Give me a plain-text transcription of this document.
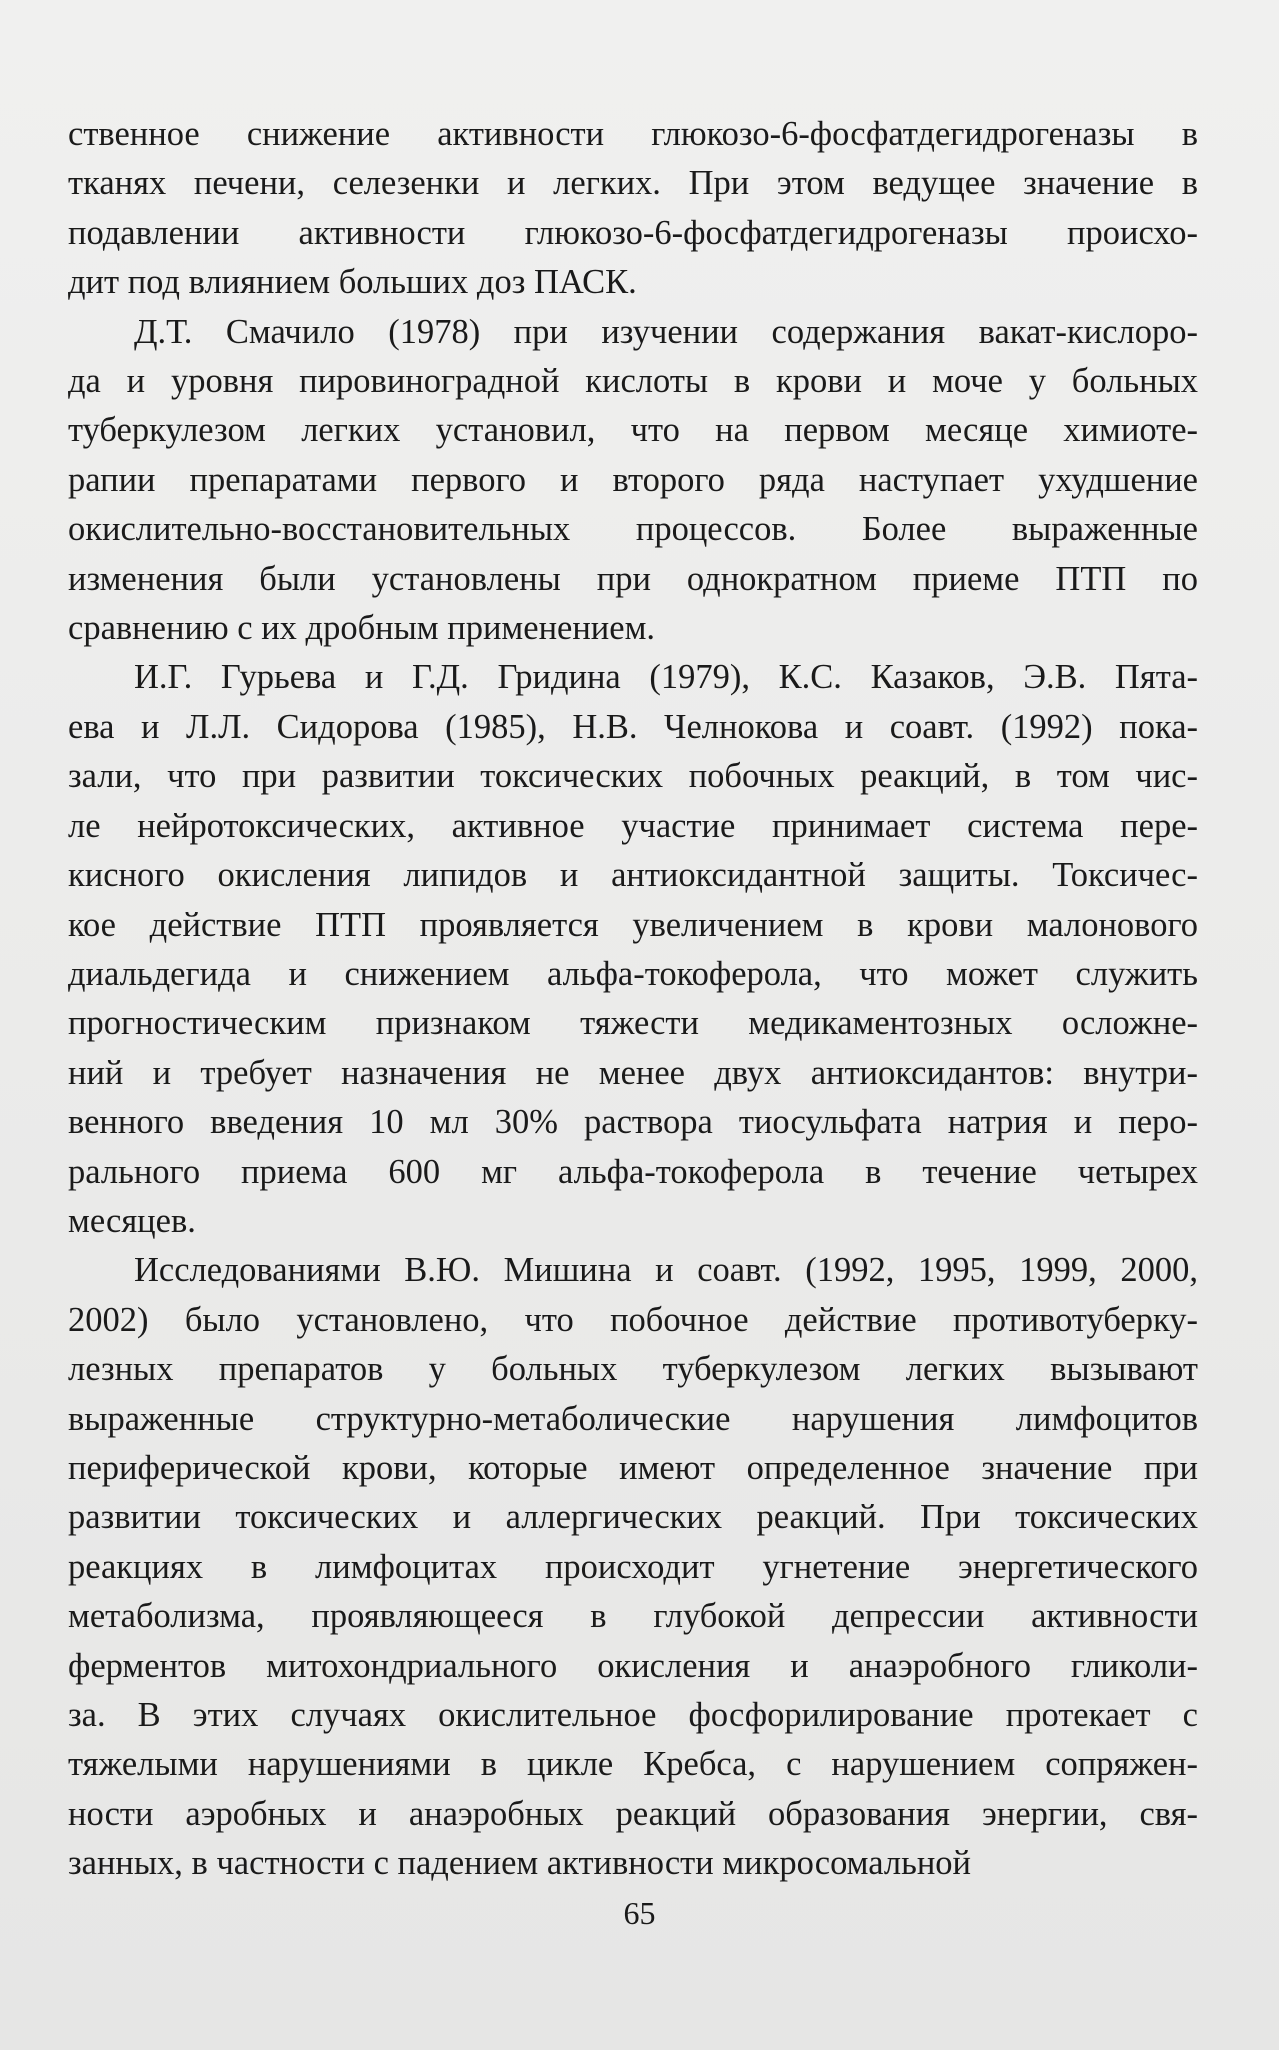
ственное снижение активности глюкозо-6-фосфатдегидрогеназы в
тканях печени, селезенки и легких. При этом ведущее значение в
подавлении активности глюкозо-6-фосфатдегидрогеназы происхо-
дит под влиянием больших доз ПАСК.
Д.Т. Смачило (1978) при изучении содержания вакат-кислоро-
да и уровня пировиноградной кислоты в крови и моче у больных
туберкулезом легких установил, что на первом месяце химиоте-
рапии препаратами первого и второго ряда наступает ухудшение
окислительно-восстановительных процессов. Более выраженные
изменения были установлены при однократном приеме ПТП по
сравнению с их дробным применением.
И.Г. Гурьева и Г.Д. Гридина (1979), К.С. Казаков, Э.В. Пята-
ева и Л.Л. Сидорова (1985), Н.В. Челнокова и соавт. (1992) пока-
зали, что при развитии токсических побочных реакций, в том чис-
ле нейротоксических, активное участие принимает система пере-
кисного окисления липидов и антиоксидантной защиты. Токсичес-
кое действие ПТП проявляется увеличением в крови малонового
диальдегида и снижением альфа-токоферола, что может служить
прогностическим признаком тяжести медикаментозных осложне-
ний и требует назначения не менее двух антиоксидантов: внутри-
венного введения 10 мл 30% раствора тиосульфата натрия и перо-
рального приема 600 мг альфа-токоферола в течение четырех
месяцев.
Исследованиями В.Ю. Мишина и соавт. (1992, 1995, 1999, 2000,
2002) было установлено, что побочное действие противотуберку-
лезных препаратов у больных туберкулезом легких вызывают
выраженные структурно-метаболические нарушения лимфоцитов
периферической крови, которые имеют определенное значение при
развитии токсических и аллергических реакций. При токсических
реакциях в лимфоцитах происходит угнетение энергетического
метаболизма, проявляющееся в глубокой депрессии активности
ферментов митохондриального окисления и анаэробного гликоли-
за. В этих случаях окислительное фосфорилирование протекает с
тяжелыми нарушениями в цикле Кребса, с нарушением сопряжен-
ности аэробных и анаэробных реакций образования энергии, свя-
занных, в частности с падением активности микросомальной
65
